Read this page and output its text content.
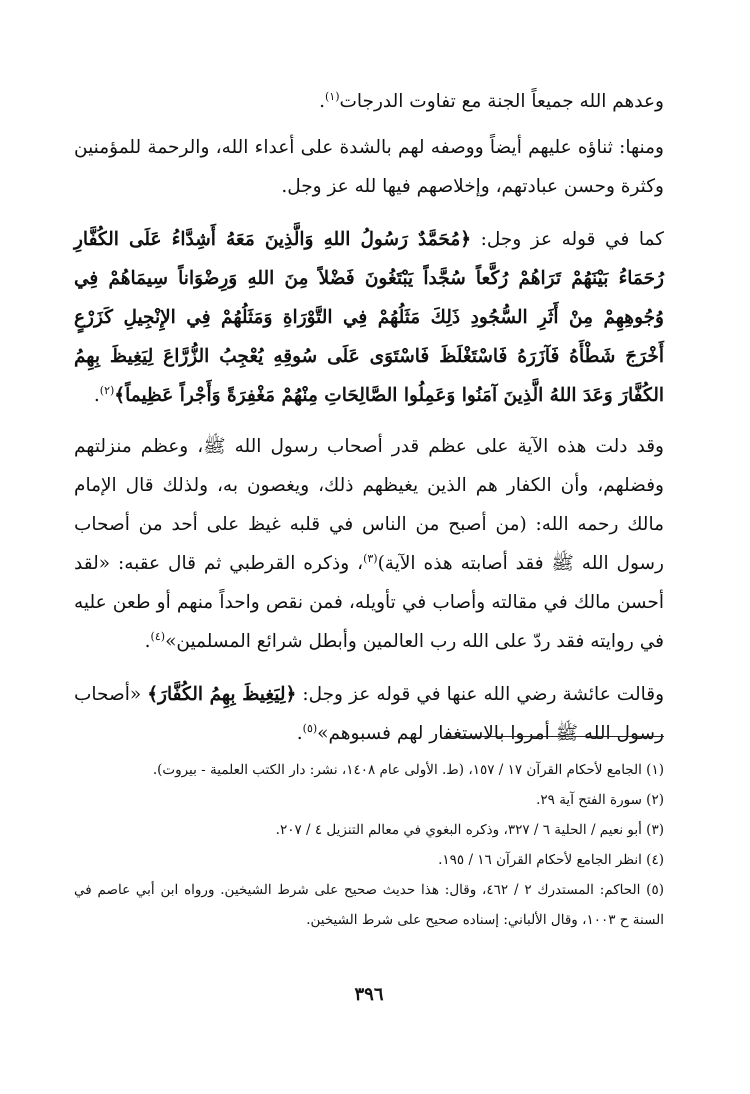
وعدهم الله جميعاً الجنة مع تفاوت الدرجات$^{(١)}$.

ومنها: ثناؤه عليهم أيضاً ووصفه لهم بالشدة على أعداء الله، والرحمة للمؤمنين وكثرة وحسن عبادتهم، وإخلاصهم فيها لله عز وجل.

كما في قوله عز وجل: ﴿مُحَمَّدٌ رَسُولُ اللهِ وَالَّذِينَ مَعَهُ أَشِدَّاءُ عَلَى الكُفَّارِ رُحَمَاءُ بَيْنَهُمْ تَرَاهُمْ رُكَّعاً سُجَّداً يَبْتَغُونَ فَضْلاً مِنَ اللهِ وَرِضْوَاناً سِيمَاهُمْ فِي وُجُوهِهِمْ مِنْ أَثَرِ السُّجُودِ ذَلِكَ مَثَلُهُمْ فِي التَّوْرَاةِ وَمَثَلُهُمْ فِي الإِنْجِيلِ كَزَرْعٍ أَخْرَجَ شَطْأَهُ فَآزَرَهُ فَاسْتَغْلَظَ فَاسْتَوَى عَلَى سُوقِهِ يُعْجِبُ الزُّرَّاعَ لِيَغِيظَ بِهِمُ الكُفَّارَ وَعَدَ اللهُ الَّذِينَ آمَنُوا وَعَمِلُوا الصَّالِحَاتِ مِنْهُمْ مَغْفِرَةً وَأَجْراً عَظِيماً﴾$^{(٢)}$.

وقد دلت هذه الآية على عظم قدر أصحاب رسول الله ﷺ، وعظم منزلتهم وفضلهم، وأن الكفار هم الذين يغيظهم ذلك، ويغصون به، ولذلك قال الإمام مالك رحمه الله: (من أصبح من الناس في قلبه غيظ على أحد من أصحاب رسول الله ﷺ فقد أصابته هذه الآية)$^{(٣)}$، وذكره القرطبي ثم قال عقبه: «لقد أحسن مالك في مقالته وأصاب في تأويله، فمن نقص واحداً منهم أو طعن عليه في روايته فقد ردّ على الله رب العالمين وأبطل شرائع المسلمين»$^{(٤)}$.

وقالت عائشة رضي الله عنها في قوله عز وجل: ﴿لِيَغِيظَ بِهِمُ الكُفَّارَ﴾ «أصحاب رسول الله ﷺ أمروا بالاستغفار لهم فسبوهم»$^{(٥)}$.

(١) الجامع لأحكام القرآن ١٧ / ١٥٧، (ط. الأولى عام ١٤٠٨، نشر: دار الكتب العلمية - بيروت).
(٢) سورة الفتح آية ٢٩.
(٣) أبو نعيم / الحلية ٦ / ٣٢٧، وذكره البغوي في معالم التنزيل ٤ / ٢٠٧.
(٤) انظر الجامع لأحكام القرآن ١٦ / ١٩٥.
(٥) الحاكم: المستدرك ٢ / ٤٦٢، وقال: هذا حديث صحيح على شرط الشيخين. ورواه ابن أبي عاصم في السنة ح ١٠٠٣، وقال الألباني: إسناده صحيح على شرط الشيخين.
٣٩٦
